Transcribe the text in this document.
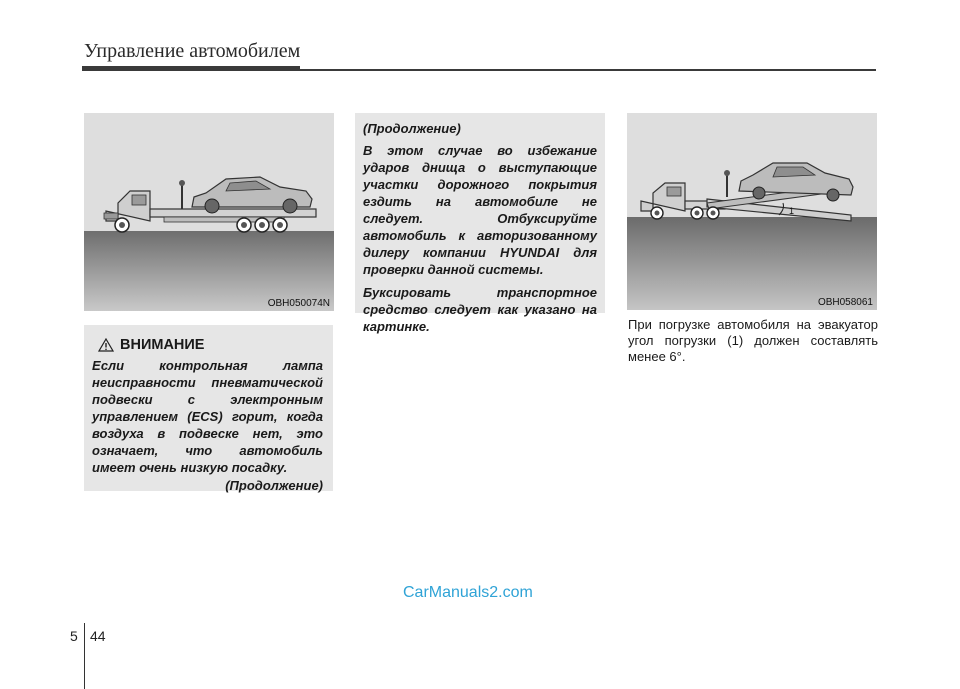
Управление автомобилем
OBH050074N
ВНИМАНИЕ
Если контрольная лампа неисправности пневматической подвески с электронным управлением (ECS) горит, когда воздуха в подвеске нет, это означает, что автомобиль имеет очень низкую посадку.
(Продолжение)
(Продолжение)

В этом случае во избежание ударов днища о выступающие участки дорожного покрытия ездить на автомобиле не следует. Отбуксируйте автомобиль к авторизованному дилеру компании HYUNDAI для проверки данной системы.

Буксировать транспортное средство следует как указано на картинке.

1
OBH058061
При погрузке автомобиля на эвакуатор угол погрузки (1) должен составлять менее 6°.
CarManuals2.com
5 44
